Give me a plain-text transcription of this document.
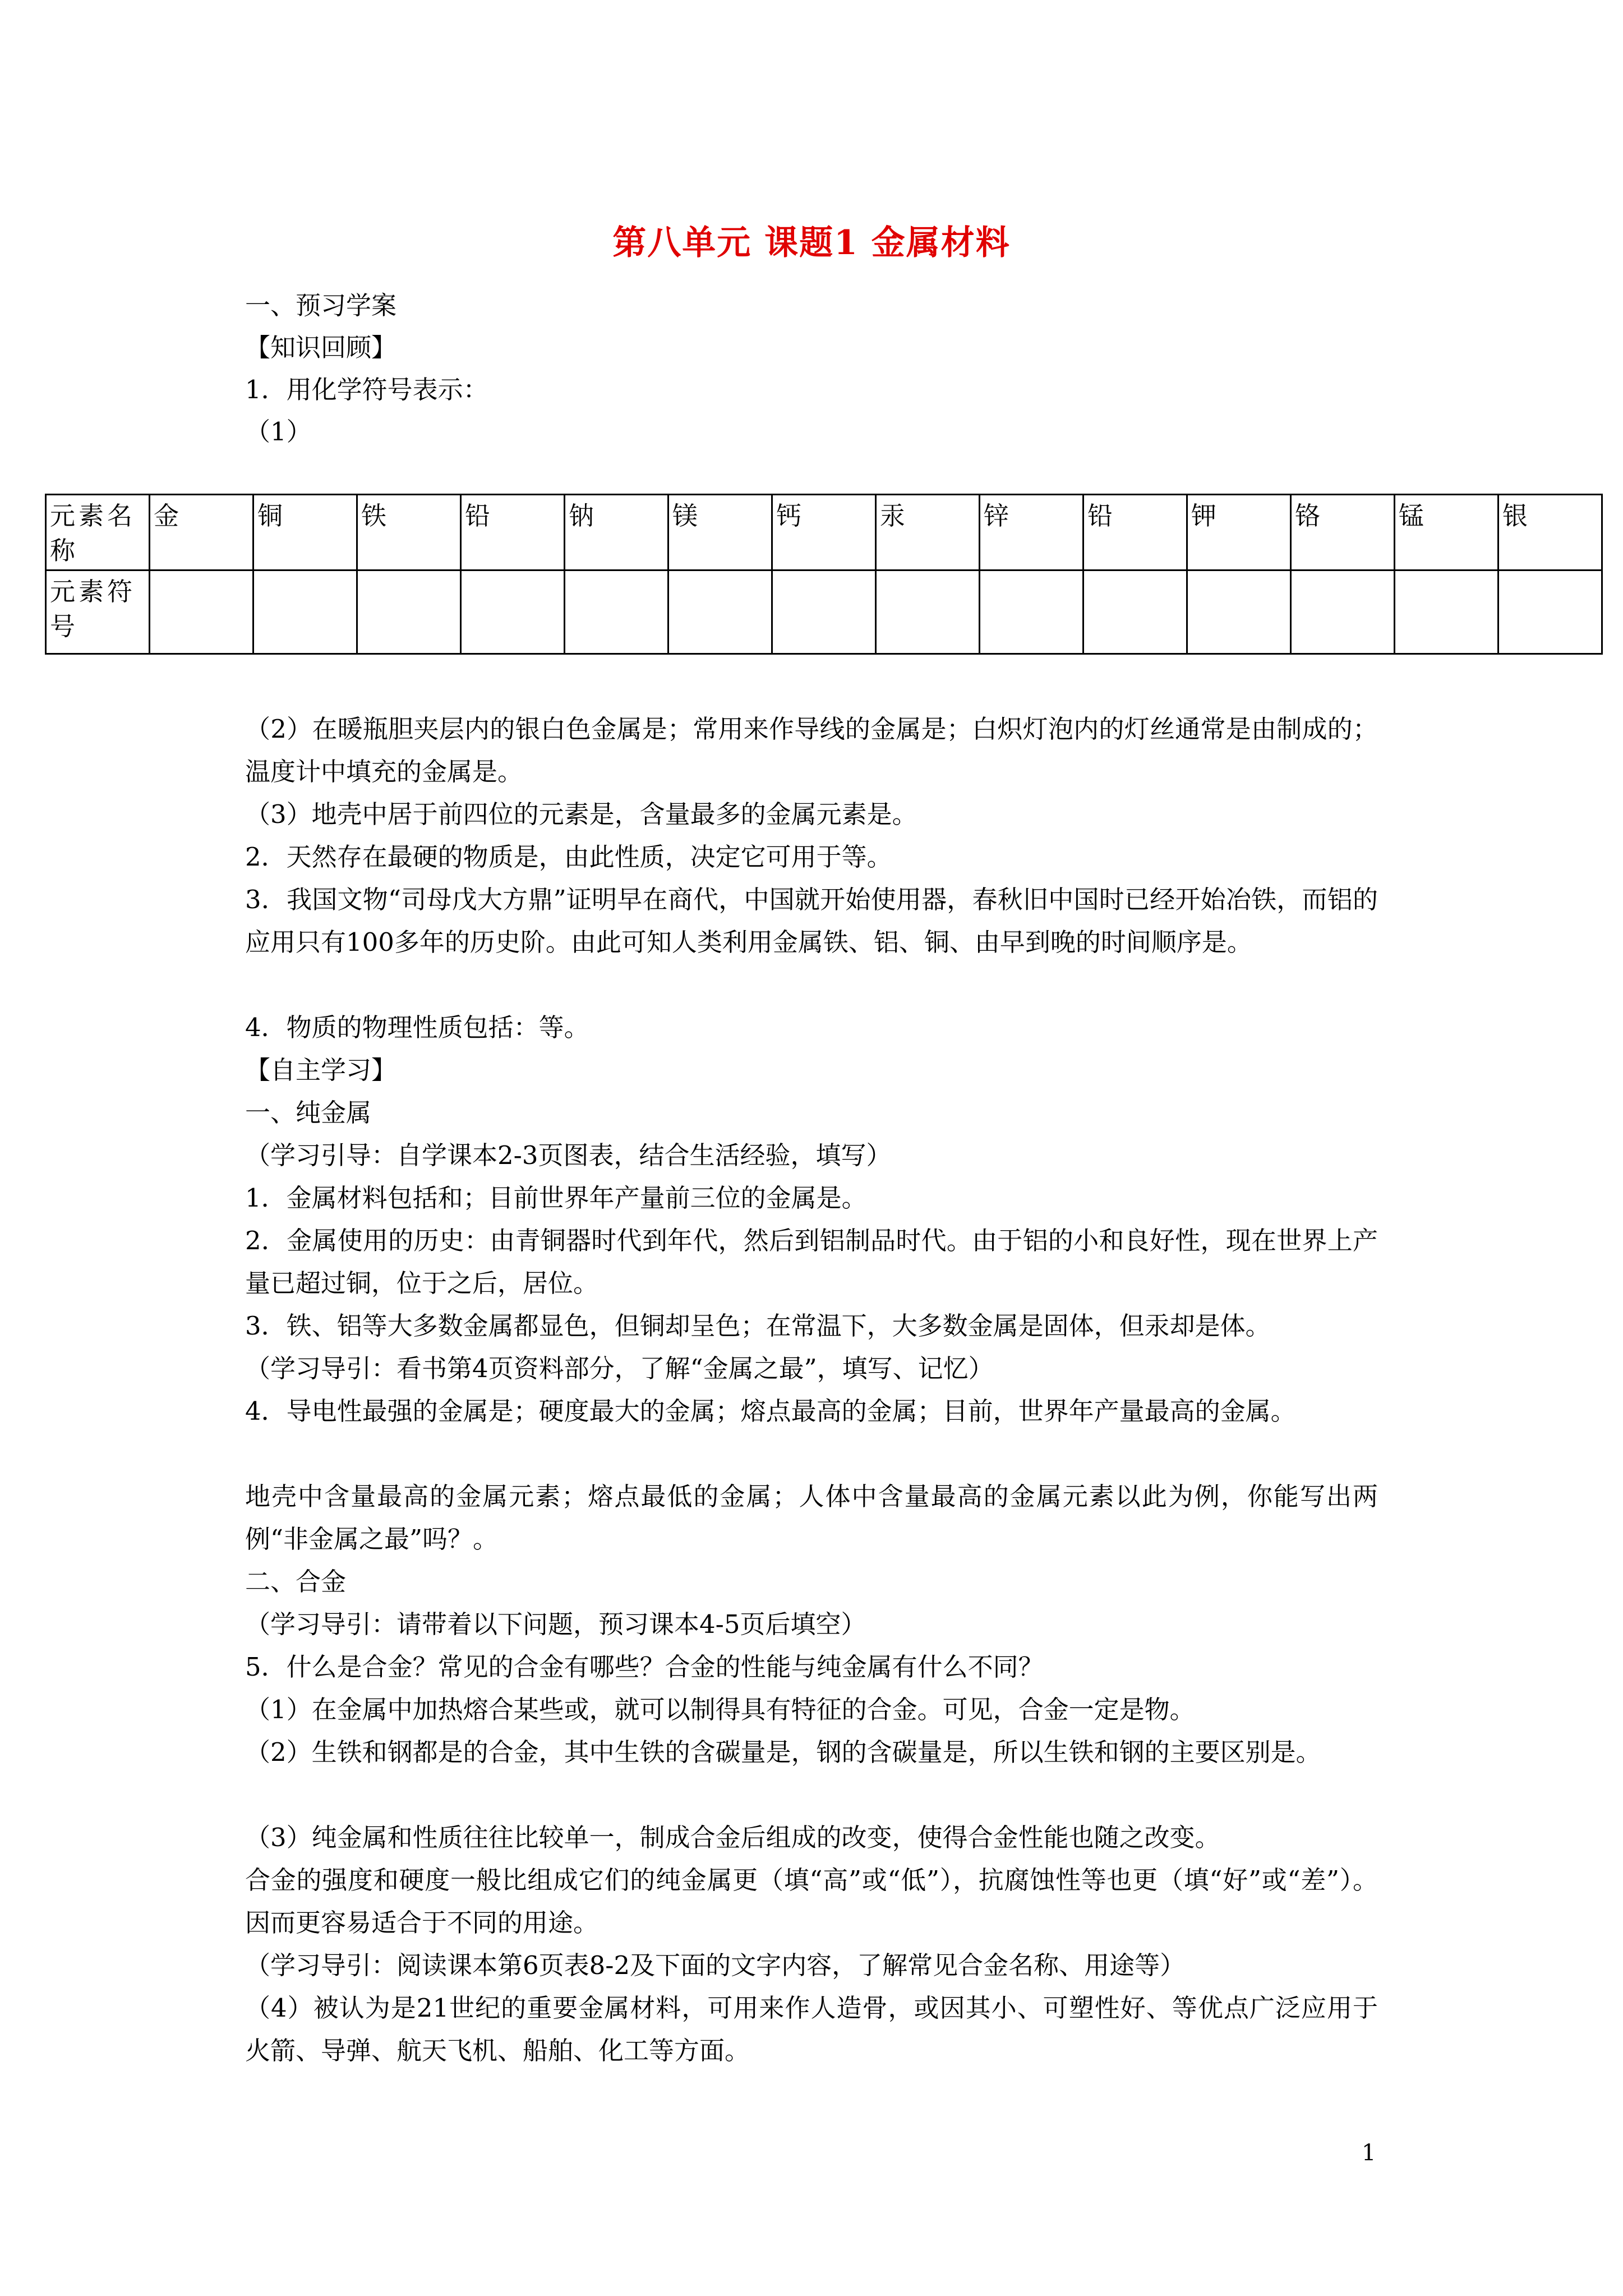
第八单元 课题1 金属材料
一、预习学案
【知识回顾】
1．用化学符号表示：
（1）
元素名称	金	铜	铁	铅	钠	镁	钙	汞	锌	铅	钾	铬	锰	银
元素符号														
（2）在暖瓶胆夹层内的银白色金属是；常用来作导线的金属是；白炽灯泡内的灯丝通常是由制成的；温度计中填充的金属是。
（3）地壳中居于前四位的元素是，含量最多的金属元素是。
2．天然存在最硬的物质是，由此性质，决定它可用于等。
3．我国文物“司母戊大方鼎”证明早在商代，中国就开始使用器，春秋旧中国时已经开始冶铁，而铝的应用只有100多年的历史阶。由此可知人类利用金属铁、铝、铜、由早到晚的时间顺序是。
4．物质的物理性质包括：等。
【自主学习】
一、纯金属
（学习引导：自学课本2-3页图表，结合生活经验，填写）
1．金属材料包括和；目前世界年产量前三位的金属是。
2．金属使用的历史：由青铜器时代到年代，然后到铝制品时代。由于铝的小和良好性，现在世界上产量已超过铜，位于之后，居位。
3．铁、铝等大多数金属都显色，但铜却呈色；在常温下，大多数金属是固体，但汞却是体。
（学习导引：看书第4页资料部分，了解“金属之最”，填写、记忆）
4．导电性最强的金属是；硬度最大的金属；熔点最高的金属；目前，世界年产量最高的金属。
地壳中含量最高的金属元素；熔点最低的金属；人体中含量最高的金属元素以此为例，你能写出两例“非金属之最”吗？。
二、合金
（学习导引：请带着以下问题，预习课本4-5页后填空）
5．什么是合金？常见的合金有哪些？合金的性能与纯金属有什么不同？
（1）在金属中加热熔合某些或，就可以制得具有特征的合金。可见，合金一定是物。
（2）生铁和钢都是的合金，其中生铁的含碳量是，钢的含碳量是，所以生铁和钢的主要区别是。
（3）纯金属和性质往往比较单一，制成合金后组成的改变，使得合金性能也随之改变。
合金的强度和硬度一般比组成它们的纯金属更（填“高”或“低”），抗腐蚀性等也更（填“好”或“差”）。因而更容易适合于不同的用途。
（学习导引：阅读课本第6页表8-2及下面的文字内容，了解常见合金名称、用途等）
（4）被认为是21世纪的重要金属材料，可用来作人造骨，或因其小、可塑性好、等优点广泛应用于火箭、导弹、航天飞机、船舶、化工等方面。
1
